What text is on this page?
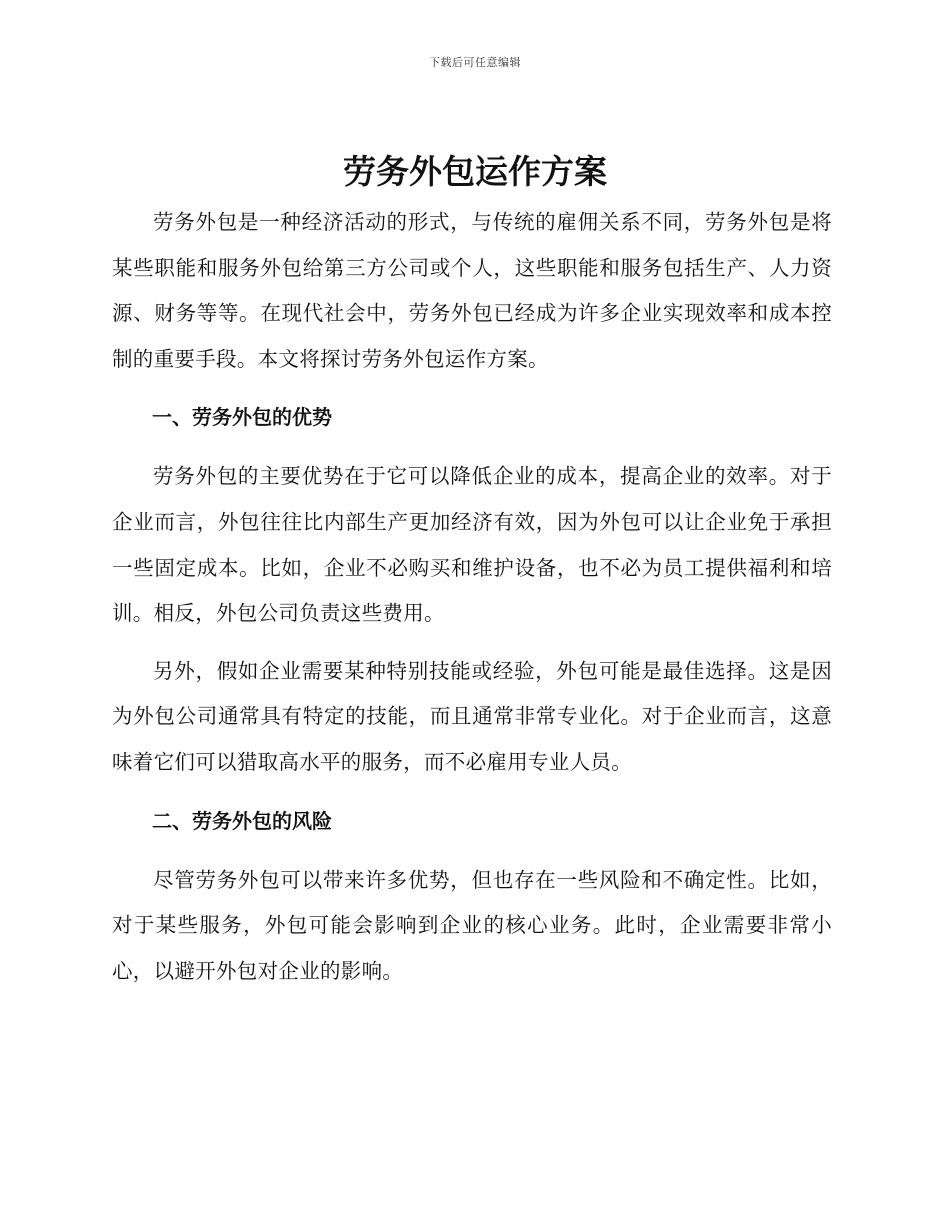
下载后可任意编辑
劳务外包运作方案

劳务外包是一种经济活动的形式，与传统的雇佣关系不同，劳务外包是将某些职能和服务外包给第三方公司或个人，这些职能和服务包括生产、人力资源、财务等等。在现代社会中，劳务外包已经成为许多企业实现效率和成本控制的重要手段。本文将探讨劳务外包运作方案。

一、劳务外包的优势

劳务外包的主要优势在于它可以降低企业的成本，提高企业的效率。对于企业而言，外包往往比内部生产更加经济有效，因为外包可以让企业免于承担一些固定成本。比如，企业不必购买和维护设备，也不必为员工提供福利和培训。相反，外包公司负责这些费用。

另外，假如企业需要某种特别技能或经验，外包可能是最佳选择。这是因为外包公司通常具有特定的技能，而且通常非常专业化。对于企业而言，这意味着它们可以猎取高水平的服务，而不必雇用专业人员。

二、劳务外包的风险

尽管劳务外包可以带来许多优势，但也存在一些风险和不确定性。比如，对于某些服务，外包可能会影响到企业的核心业务。此时，企业需要非常小心，以避开外包对企业的影响。
